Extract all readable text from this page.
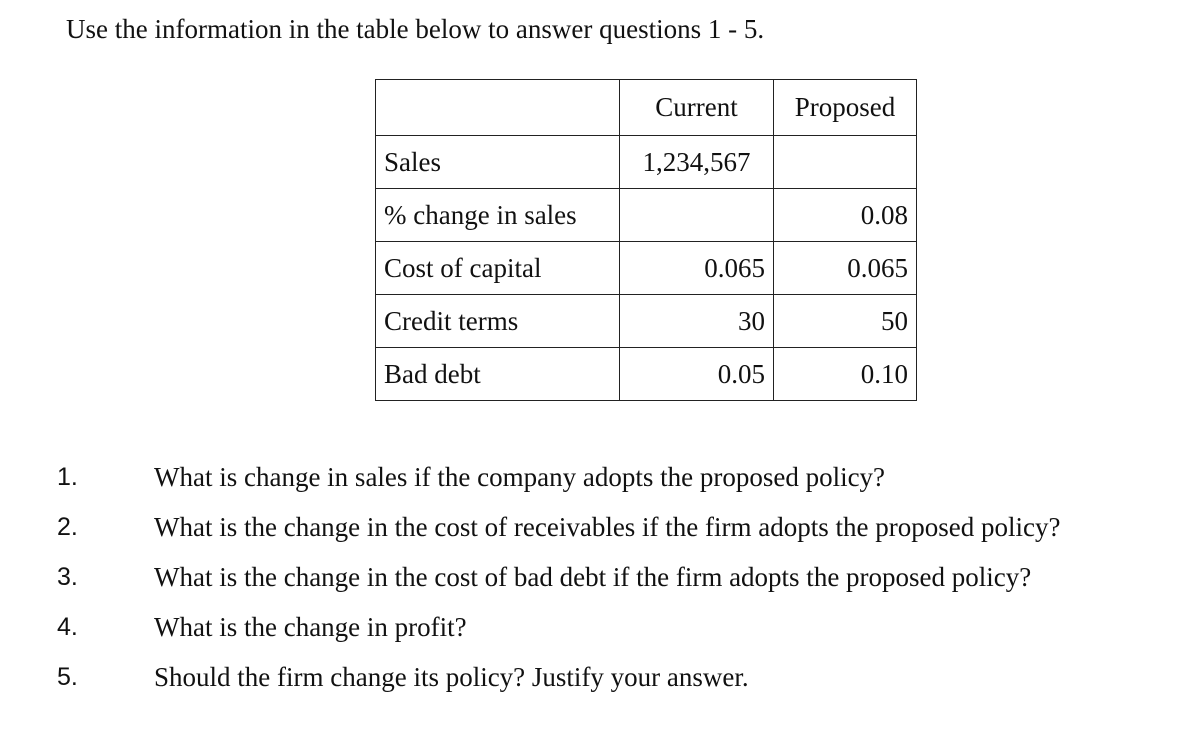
Use the information in the table below to answer questions 1 - 5.
	Current	Proposed
Sales	1,234,567	
% change in sales		0.08
Cost of capital	0.065	0.065
Credit terms	30	50
Bad debt	0.05	0.10
1.	What is change in sales if the company adopts the proposed policy?
2.	What is the change in the cost of receivables if the firm adopts the proposed policy?
3.	What is the change in the cost of bad debt if the firm adopts the proposed policy?
4.	What is the change in profit?
5.	Should the firm change its policy? Justify your answer.
